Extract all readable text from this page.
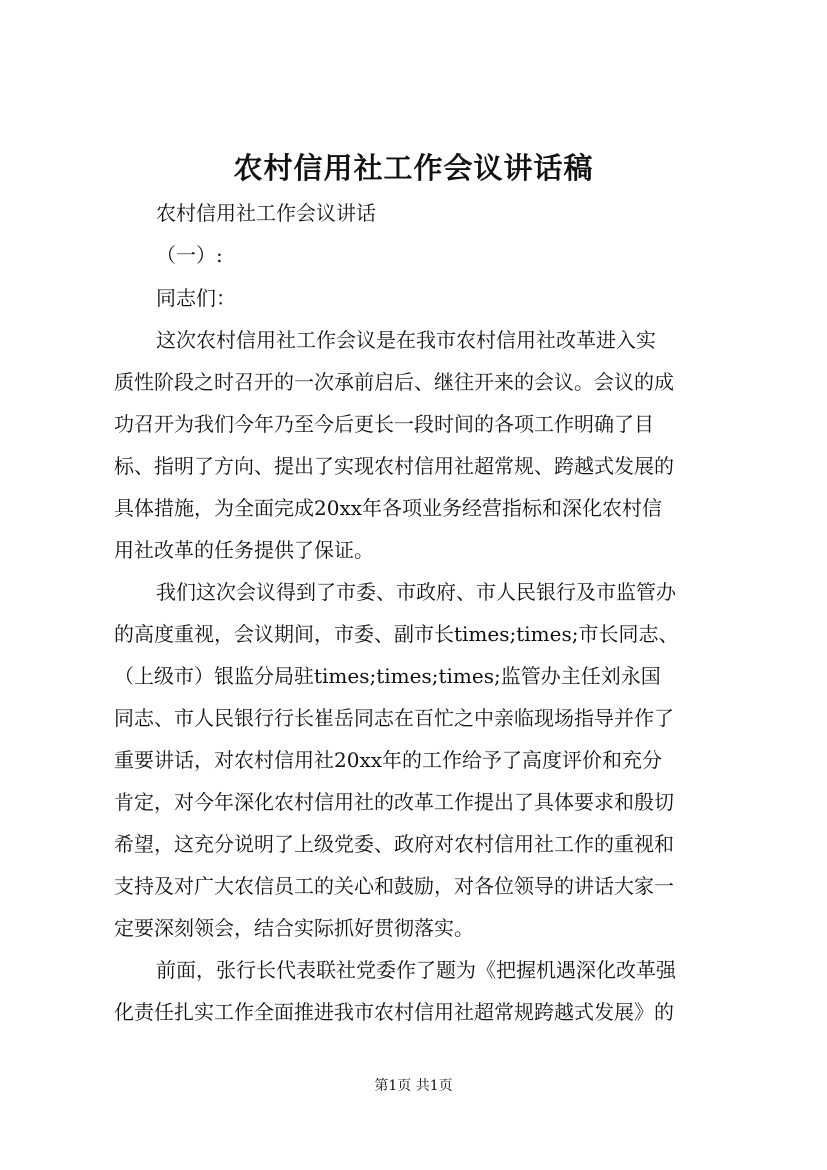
农村信用社工作会议讲话稿
农村信用社工作会议讲话
（一）:
同志们：
这次农村信用社工作会议是在我市农村信用社改革进入实
质性阶段之时召开的一次承前启后、继往开来的会议。会议的成
功召开为我们今年乃至今后更长一段时间的各项工作明确了目
标、指明了方向、提出了实现农村信用社超常规、跨越式发展的
具体措施，为全面完成20xx年各项业务经营指标和深化农村信
用社改革的任务提供了保证。
我们这次会议得到了市委、市政府、市人民银行及市监管办
的高度重视，会议期间，市委、副市长times;times;市长同志、
（上级市）银监分局驻times;times;times;监管办主任刘永国
同志、市人民银行行长崔岳同志在百忙之中亲临现场指导并作了
重要讲话，对农村信用社20xx年的工作给予了高度评价和充分
肯定，对今年深化农村信用社的改革工作提出了具体要求和殷切
希望，这充分说明了上级党委、政府对农村信用社工作的重视和
支持及对广大农信员工的关心和鼓励，对各位领导的讲话大家一
定要深刻领会，结合实际抓好贯彻落实。
前面，张行长代表联社党委作了题为《把握机遇深化改革强
化责任扎实工作全面推进我市农村信用社超常规跨越式发展》的
第1页 共1页
